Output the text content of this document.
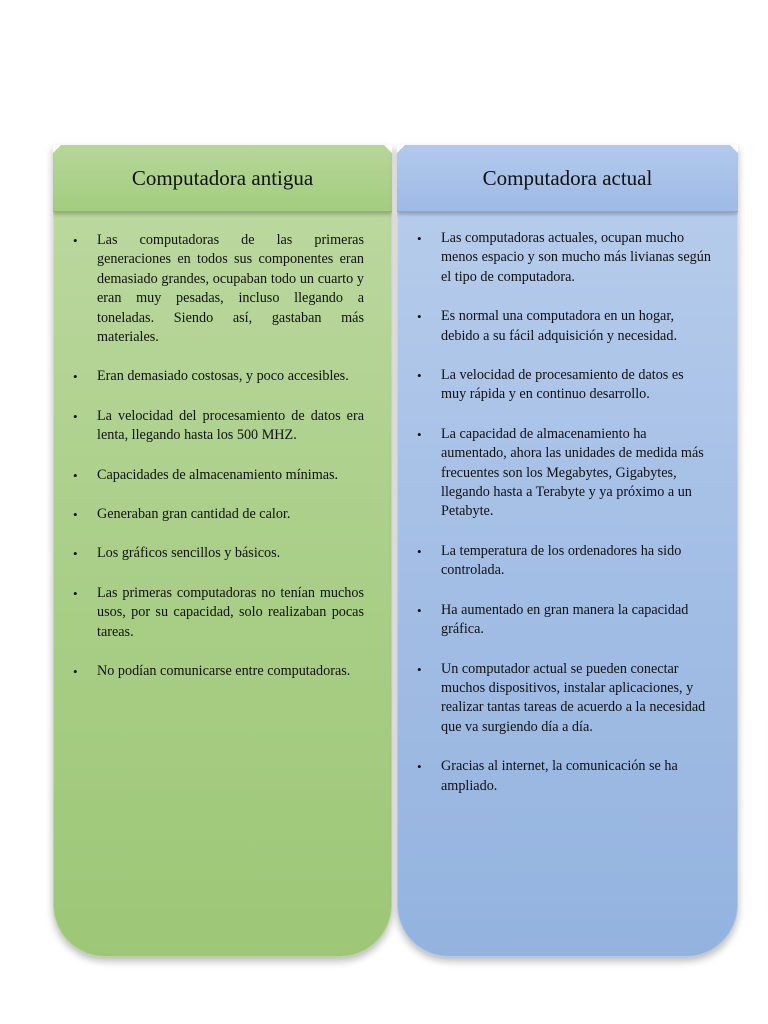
Computadora antigua
• Las computadoras de las primeras generaciones en todos sus componentes eran demasiado grandes, ocupaban todo un cuarto y eran muy pesadas, incluso llegando a toneladas. Siendo así, gastaban más materiales.
• Eran demasiado costosas, y poco accesibles.
• La velocidad del procesamiento de datos era lenta, llegando hasta los 500 MHZ.
• Capacidades de almacenamiento mínimas.
• Generaban gran cantidad de calor.
• Los gráficos sencillos y básicos.
• Las primeras computadoras no tenían muchos usos, por su capacidad, solo realizaban pocas tareas.
• No podían comunicarse entre computadoras.
Computadora actual
• Las computadoras actuales, ocupan mucho menos espacio y son mucho más livianas según el tipo de computadora.
• Es normal una computadora en un hogar, debido a su fácil adquisición y necesidad.
• La velocidad de procesamiento de datos es muy rápida y en continuo desarrollo.
• La capacidad de almacenamiento ha aumentado, ahora las unidades de medida más frecuentes son los Megabytes, Gigabytes, llegando hasta a Terabyte y ya próximo a un Petabyte.
• La temperatura de los ordenadores ha sido controlada.
• Ha aumentado en gran manera la capacidad gráfica.
• Un computador actual se pueden conectar muchos dispositivos, instalar aplicaciones, y realizar tantas tareas de acuerdo a la necesidad que va surgiendo día a día.
• Gracias al internet, la comunicación se ha ampliado.
